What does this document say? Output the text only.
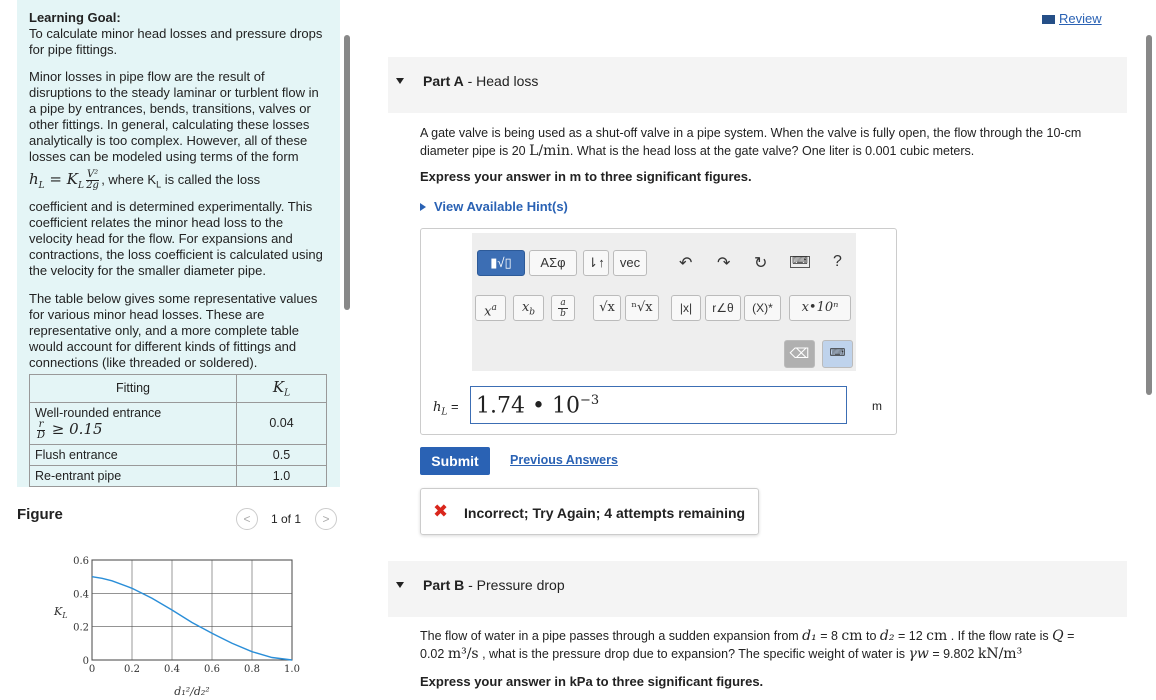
Learning Goal:
To calculate minor head losses and pressure drops for pipe fittings.
Minor losses in pipe flow are the result of disruptions to the steady laminar or turblent flow in a pipe by entrances, bends, transitions, valves or other fittings. In general, calculating these losses analytically is too complex. However, all of these losses can be modeled using terms of the form
$h_L = K_L \frac{\text{V²}}{2g}$ , where $K_L$ is called the loss
coefficient and is determined experimentally. This coefficient relates the minor head loss to the velocity head for the flow. For expansions and contractions, the loss coefficient is calculated using the velocity for the smaller diameter pipe.
The table below gives some representative values for various minor head losses. These are representative only, and a more complete table would account for different kinds of fittings and connections (like threaded or soldered).
Fitting	$K_L$

Well-rounded entrance
$\frac{r}{D} \ge 0.15$	0.04
Flush entrance	0.5
Re-entrant pipe	1.0
Figure	<	1 of 1	>
0	0.2 0.4 0.6 0.8 1.0
0
0.2
0.4
0.6
$K_L$
d₁²/d₂²
Review
Part A - Head loss
A gate valve is being used as a shut-off valve in a pipe system. When the valve is fully open, the flow through the 10-cm
diameter pipe is 20 L/min. What is the head loss at the gate valve? One liter is 0.001 cubic meters.
Express your answer in m to three significant figures.
View Available Hint(s)
▮√▯	ΑΣφ	⇂↑	vec	↶ ↷ ↻ ⌨ ?
$x^a$	$x_b$
a
b	√x	ⁿ√x	|x|	r∠θ	(X)*	x•10ⁿ
⌫	⌨
$h_L = 1.74$ • $10^{-3}$	m
Submit	Previous Answers
✖ Incorrect; Try Again; 4 attempts remaining
Part B - Pressure drop
The flow of water in a pipe passes through a sudden expansion from d₁ = 8 cm to d₂ = 12 cm . If the flow rate is Q =
0.02 m³/s , what is the pressure drop due to expansion? The specific weight of water is γw = 9.802 kN/m³
Express your answer in kPa to three significant figures.
